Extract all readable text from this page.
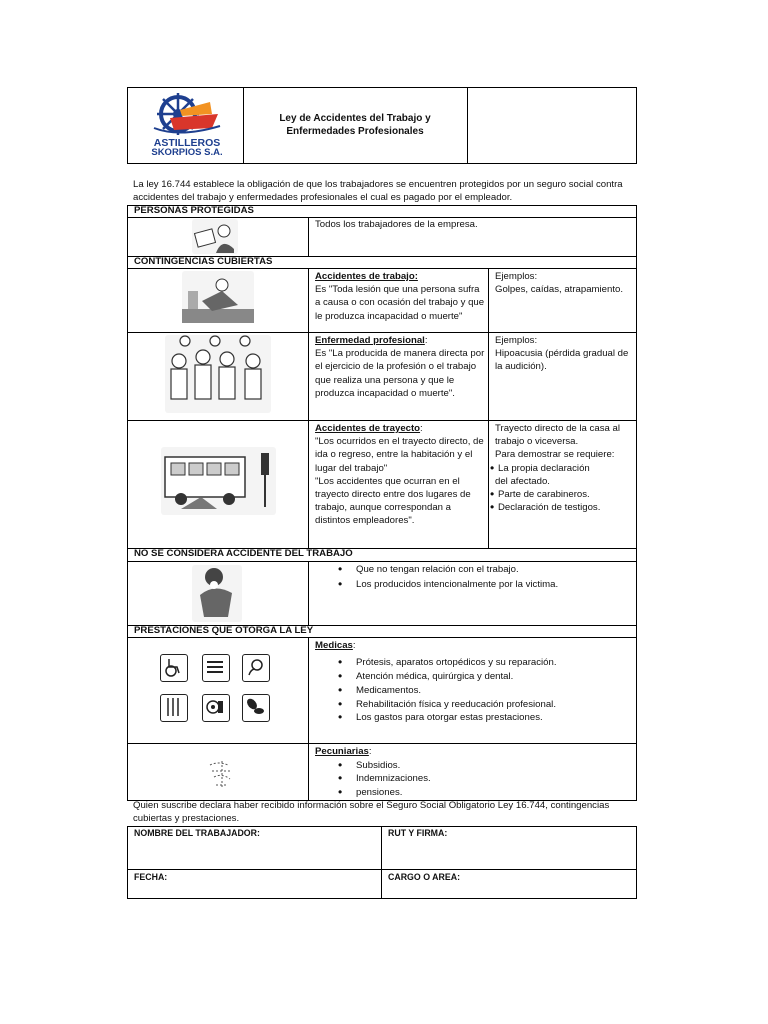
ASTILLEROS
SKORPIOS S.A.
Ley de Accidentes del Trabajo y Enfermedades Profesionales
La ley 16.744 establece la obligación de que los trabajadores se encuentren protegidos por un seguro social contra accidentes del trabajo y enfermedades profesionales el cual es pagado por el empleador.
PERSONAS PROTEGIDAS
Todos los trabajadores de la empresa.
CONTINGENCIAS CUBIERTAS
Accidentes de trabajo:
Es "Toda lesión que una persona sufra a causa o con ocasión del trabajo y que le produzca incapacidad o muerte"
Ejemplos:
Golpes, caídas, atrapamiento.
Enfermedad profesional:
Es "La producida de manera directa por el ejercicio de la profesión o el trabajo que realiza una persona y que le produzca incapacidad o muerte".
Ejemplos:
Hipoacusia (pérdida gradual de la audición).
Accidentes de trayecto:
"Los ocurridos en el trayecto directo, de ida o regreso, entre la habitación y el lugar del trabajo"
"Los accidentes que ocurran en el trayecto directo entre dos lugares de trabajo, aunque correspondan a distintos empleadores".
Trayecto directo de la casa al trabajo o viceversa.
Para demostrar se requiere:
• La propia declaración
del afectado.
• Parte de carabineros.
• Declaración de testigos.
NO SE CONSIDERA ACCIDENTE DEL TRABAJO
• Que no tengan relación con el trabajo.
• Los producidos intencionalmente por la victima.
PRESTACIONES QUE OTORGA LA LEY
Medicas:
• Prótesis, aparatos ortopédicos y su reparación.
• Atención médica, quirúrgica y dental.
• Medicamentos.
• Rehabilitación física y reeducación profesional.
• Los gastos para otorgar estas prestaciones.
Pecuniarias:
• Subsidios.
• Indemnizaciones.
• pensiones.
Quien suscribe declara haber recibido información sobre el Seguro Social Obligatorio Ley 16.744, contingencias cubiertas y prestaciones.
NOMBRE DEL TRABAJADOR:	RUT Y FIRMA:
FECHA:	CARGO O AREA:
